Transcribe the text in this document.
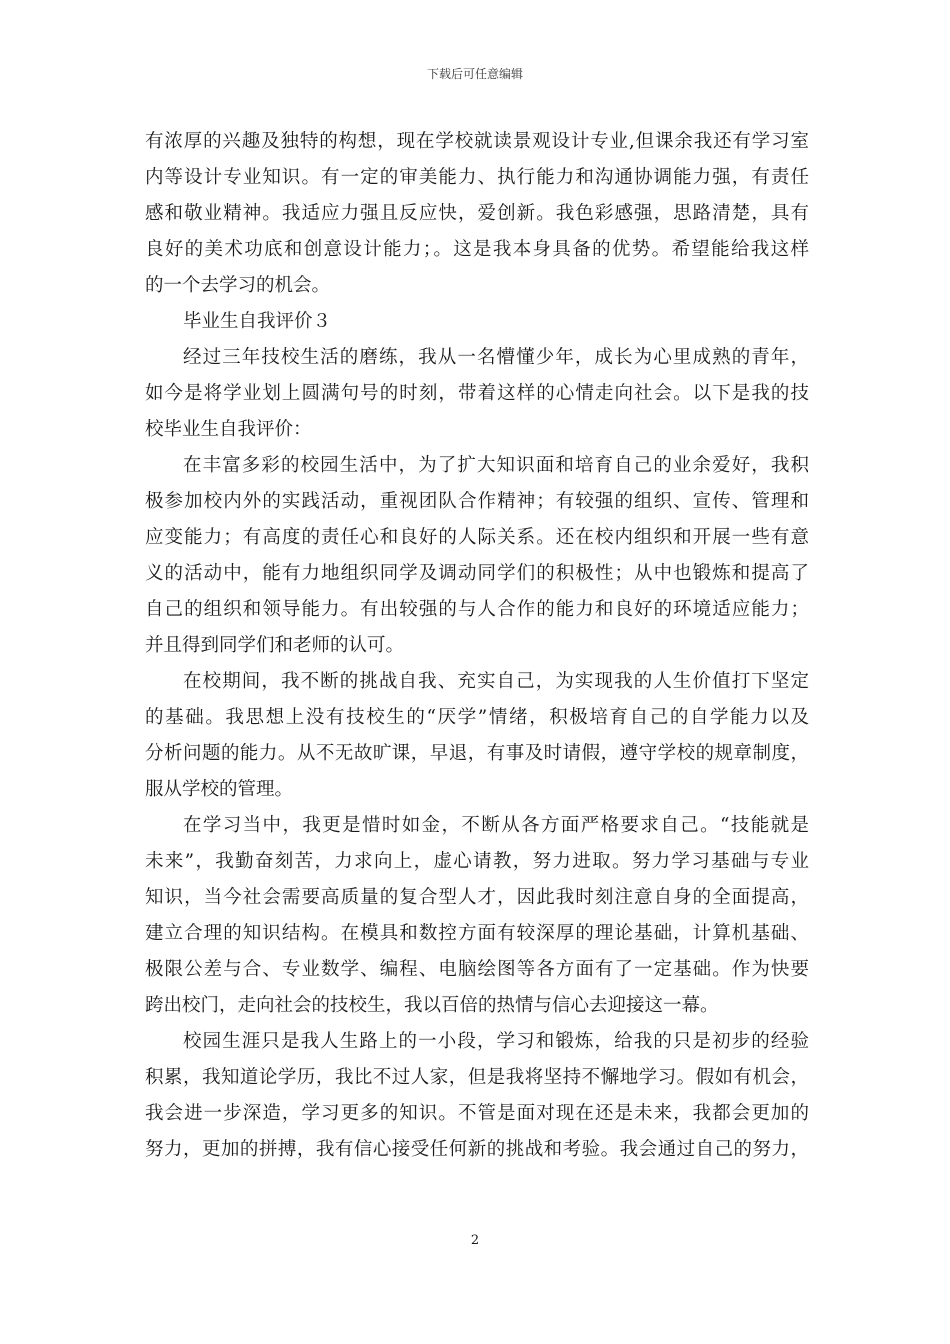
下载后可任意编辑
有浓厚的兴趣及独特的构想，现在学校就读景观设计专业,但课余我还有学习室
内等设计专业知识。有一定的审美能力、执行能力和沟通协调能力强，有责任
感和敬业精神。我适应力强且反应快，爱创新。我色彩感强，思路清楚，具有
良好的美术功底和创意设计能力；。这是我本身具备的优势。希望能给我这样
的一个去学习的机会。
毕业生自我评价３
经过三年技校生活的磨练，我从一名懵懂少年，成长为心里成熟的青年，
如今是将学业划上圆满句号的时刻，带着这样的心情走向社会。以下是我的技
校毕业生自我评价：
在丰富多彩的校园生活中，为了扩大知识面和培育自己的业余爱好，我积
极参加校内外的实践活动，重视团队合作精神；有较强的组织、宣传、管理和
应变能力；有高度的责任心和良好的人际关系。还在校内组织和开展一些有意
义的活动中，能有力地组织同学及调动同学们的积极性；从中也锻炼和提高了
自己的组织和领导能力。有出较强的与人合作的能力和良好的环境适应能力；
并且得到同学们和老师的认可。
在校期间，我不断的挑战自我、充实自己，为实现我的人生价值打下坚定
的基础。我思想上没有技校生的“厌学”情绪，积极培育自己的自学能力以及
分析问题的能力。从不无故旷课，早退，有事及时请假，遵守学校的规章制度，
服从学校的管理。
在学习当中，我更是惜时如金，不断从各方面严格要求自己。“技能就是
未来”，我勤奋刻苦，力求向上，虚心请教，努力进取。努力学习基础与专业
知识，当今社会需要高质量的复合型人才，因此我时刻注意自身的全面提高，
建立合理的知识结构。在模具和数控方面有较深厚的理论基础，计算机基础、
极限公差与合、专业数学、编程、电脑绘图等各方面有了一定基础。作为快要
跨出校门，走向社会的技校生，我以百倍的热情与信心去迎接这一幕。
校园生涯只是我人生路上的一小段，学习和锻炼，给我的只是初步的经验
积累，我知道论学历，我比不过人家，但是我将坚持不懈地学习。假如有机会，
我会进一步深造，学习更多的知识。不管是面对现在还是未来，我都会更加的
努力，更加的拼搏，我有信心接受任何新的挑战和考验。我会通过自己的努力，
2
